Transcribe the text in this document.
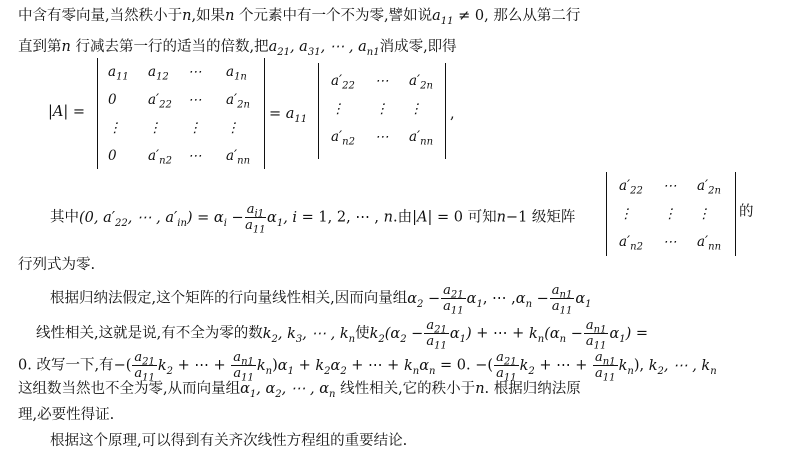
中含有零向量,当然秩小于n,如果n 个元素中有一个不为零,譬如说$a_{11} \ne 0$, 那么从第二行
直到第n 行减去第一行的适当的倍数,把$a_{21}$, $a_{31}$, ⋯ , $a_{n1}$消成零,即得
|A| =
$a_{11}$	$a_{12}$	⋯	$a_{1n}$
0	$a'_{22}$	⋯	$a'_{2n}$
⋮	⋮	⋮	⋮
0	$a'_{n2}$	⋯	$a'_{nn}$
= $a_{11}$
$a'_{22}$	⋯	$a'_{2n}$
⋮	⋮	⋮
$a'_{n2}$	⋯	$a'_{nn}$
,
其中(0, $a'_{22}$, ⋯ , $a'_{in}) = \alpha_i - \frac{a_{i1}}{a_{11}} \alpha_1$, i = 1, 2, ⋯ , n.由|A| = 0 可知n−1 级矩阵
$a'_{22}$	⋯	$a'_{2n}$
⋮	⋮	⋮
$a'_{n2}$	⋯	$a'_{nn}$
的
行列式为零.
根据归纳法假定,这个矩阵的行向量线性相关,因而向量组$\alpha_2 - \frac{a_{21}}{a_{11}} \alpha_1$, ⋯ $,\alpha_n - \frac{a_{n1}}{a_{11}} \alpha_1$
线性相关,这就是说,有不全为零的数$k_2$, $k_3$, ⋯ , $k_n$使$k_2(\alpha_2 - \frac{a_{21}}{a_{11}} \alpha_1)$ + ⋯ + $k_n(\alpha_n - \frac{a_{n1}}{a_{11}} \alpha_1)$ =
0. 改写一下,有−( $\frac{a_{21}}{a_{11}} k_2$ + ⋯ + $\frac{a_{n1}}{a_{11}} k_n)\alpha_1 + k_2\alpha_2$ + ⋯ + $k_n\alpha_n = 0$. −( $\frac{a_{21}}{a_{11}} k_2$ + ⋯ + $\frac{a_{n1}}{a_{11}} k_n$), $k_2$, ⋯ , $k_n$
这组数当然也不全为零,从而向量组$\alpha_1$, $\alpha_2$, ⋯ , $\alpha_n$ 线性相关,它的秩小于n. 根据归纳法原
理,必要性得证.
根据这个原理,可以得到有关齐次线性方程组的重要结论.
